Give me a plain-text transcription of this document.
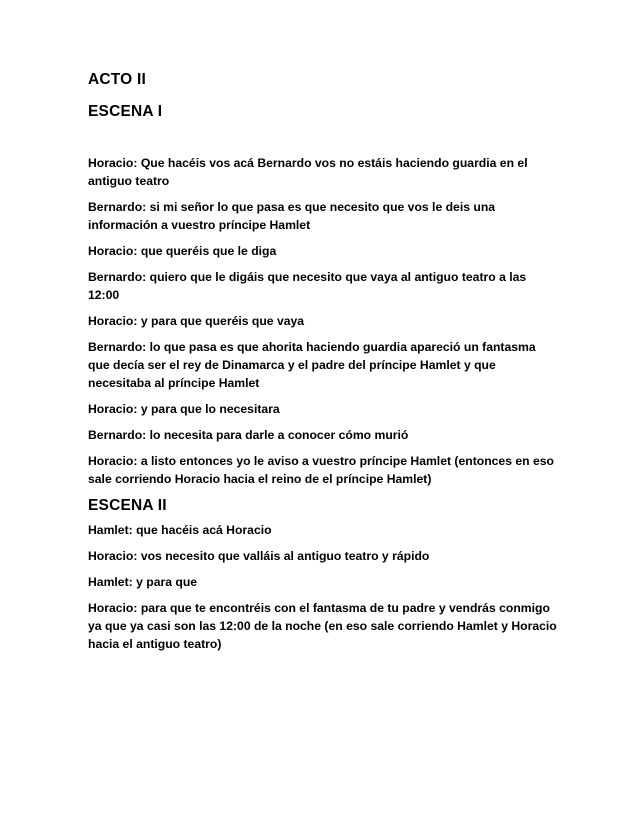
ACTO II
ESCENA I
Horacio: Que hacéis vos acá Bernardo vos no estáis haciendo guardia en el antiguo teatro
Bernardo: si mi señor lo que pasa es que necesito que vos le deis una información a vuestro príncipe Hamlet
Horacio: que queréis que le diga
Bernardo: quiero que le digáis que necesito que vaya al antiguo teatro a las 12:00
Horacio: y para que queréis que vaya
Bernardo: lo que pasa es que ahorita haciendo guardia apareció un fantasma que decía ser el rey de Dinamarca y el padre del príncipe Hamlet y que necesitaba al príncipe Hamlet
Horacio: y para que lo necesitara
Bernardo: lo necesita para darle a conocer cómo murió
Horacio: a listo entonces yo le aviso a vuestro príncipe Hamlet (entonces en eso sale corriendo Horacio hacia el reino de el príncipe Hamlet)
ESCENA II
Hamlet: que hacéis acá Horacio
Horacio: vos necesito que valláis al antiguo teatro y rápido
Hamlet: y para que
Horacio: para que te encontréis con el fantasma de tu padre y vendrás conmigo ya que ya casi son las 12:00 de la noche (en eso sale corriendo Hamlet y Horacio hacia el antiguo teatro)
